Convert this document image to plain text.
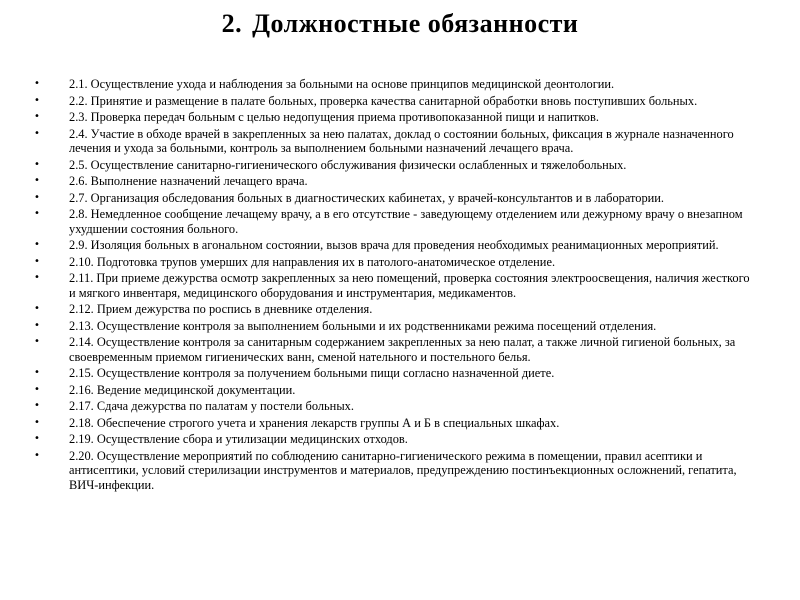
2. Должностные обязанности
• 2.1. Осуществление ухода и наблюдения за больными на основе принципов медицинской деонтологии.
• 2.2. Принятие и размещение в палате больных, проверка качества санитарной обработки вновь поступивших больных.
• 2.3. Проверка передач больным с целью недопущения приема противопоказанной пищи и напитков.
• 2.4. Участие в обходе врачей в закрепленных за нею палатах, доклад о состоянии больных, фиксация в журнале назначенного лечения и ухода за больными, контроль за выполнением больными назначений лечащего врача.
• 2.5. Осуществление санитарно-гигиенического обслуживания физически ослабленных и тяжелобольных.
• 2.6. Выполнение назначений лечащего врача.
• 2.7. Организация обследования больных в диагностических кабинетах, у врачей-консультантов и в лаборатории.
• 2.8. Немедленное сообщение лечащему врачу, а в его отсутствие - заведующему отделением или дежурному врачу о внезапном ухудшении состояния больного.
• 2.9. Изоляция больных в агональном состоянии, вызов врача для проведения необходимых реанимационных мероприятий.
• 2.10. Подготовка трупов умерших для направления их в патолого-анатомическое отделение.
• 2.11. При приеме дежурства осмотр закрепленных за нею помещений, проверка состояния электроосвещения, наличия жесткого и мягкого инвентаря, медицинского оборудования и инструментария, медикаментов.
• 2.12. Прием дежурства по роспись в дневнике отделения.
• 2.13. Осуществление контроля за выполнением больными и их родственниками режима посещений отделения.
• 2.14. Осуществление контроля за санитарным содержанием закрепленных за нею палат, а также личной гигиеной больных, за своевременным приемом гигиенических ванн, сменой нательного и постельного белья.
• 2.15. Осуществление контроля за получением больными пищи согласно назначенной диете.
• 2.16. Ведение медицинской документации.
• 2.17. Сдача дежурства по палатам у постели больных.
• 2.18. Обеспечение строгого учета и хранения лекарств группы А и Б в специальных шкафах.
• 2.19. Осуществление сбора и утилизации медицинских отходов.
• 2.20. Осуществление мероприятий по соблюдению санитарно-гигиенического режима в помещении, правил асептики и антисептики, условий стерилизации инструментов и материалов, предупреждению постинъекционных осложнений, гепатита, ВИЧ-инфекции.
